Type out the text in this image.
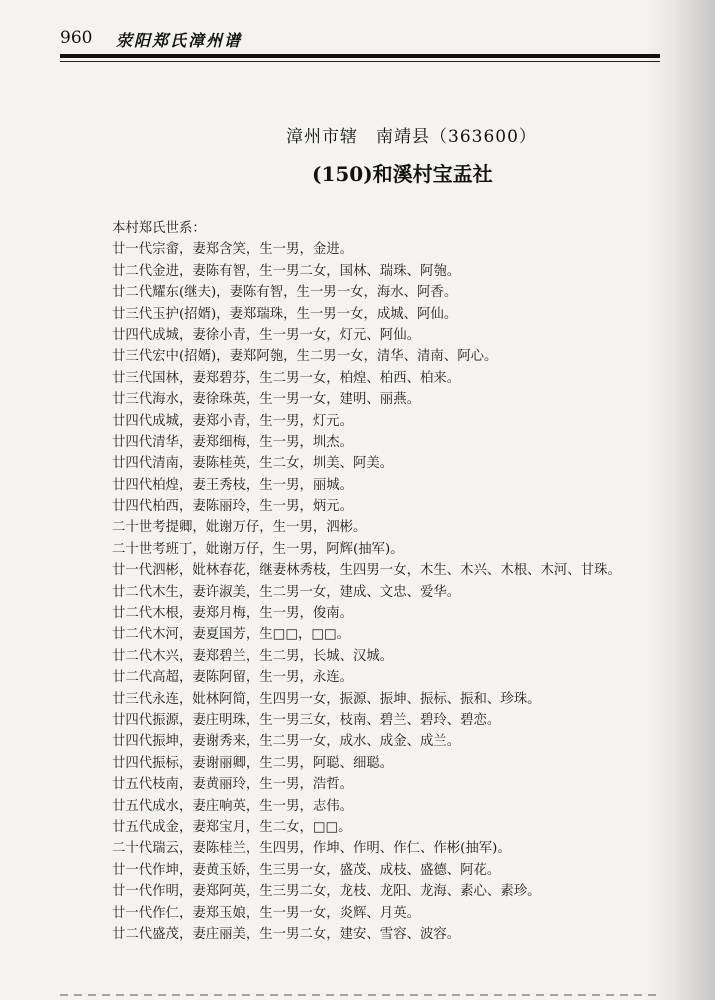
960 荥阳郑氏漳州谱
漳州市辖　南靖县（363600）
(150)和溪村宝盂社
本村郑氏世系：
廿一代宗畲，妻郑含笑，生一男，金进。
廿二代金进，妻陈有智，生一男二女，国林、瑞珠、阿匏。
廿二代耀东(继夫)，妻陈有智，生一男一女，海水、阿香。
廿三代玉护(招婿)，妻郑瑞珠，生一男一女，成城、阿仙。
廿四代成城，妻徐小青，生一男一女，灯元、阿仙。
廿三代宏中(招婿)，妻郑阿匏，生二男一女，清华、清南、阿心。
廿三代国林，妻郑碧芬，生二男一女，柏煌、柏西、柏来。
廿三代海水，妻徐珠英，生一男一女，建明、丽燕。
廿四代成城，妻郑小青，生一男，灯元。
廿四代清华，妻郑细梅，生一男，圳杰。
廿四代清南，妻陈桂英，生二女，圳美、阿美。
廿四代柏煌，妻王秀枝，生一男，丽城。
廿四代柏西，妻陈丽玲，生一男，炳元。
二十世考提卿，妣谢万仔，生一男，泗彬。
二十世考班丁，妣谢万仔，生一男，阿辉(抽军)。
廿一代泗彬，妣林春花，继妻林秀枝，生四男一女，木生、木兴、木根、木河、甘珠。
廿二代木生，妻许淑美，生二男一女，建成、文忠、爱华。
廿二代木根，妻郑月梅，生一男，俊南。
廿二代木河，妻夏国芳，生□□，□□。
廿二代木兴，妻郑碧兰，生二男，长城、汉城。
廿二代高超，妻陈阿留，生一男，永连。
廿三代永连，妣林阿简，生四男一女，振源、振坤、振标、振和、珍珠。
廿四代振源，妻庄明珠，生一男三女，枝南、碧兰、碧玲、碧恋。
廿四代振坤，妻谢秀来，生二男一女，成水、成金、成兰。
廿四代振标，妻谢丽卿，生二男，阿聪、细聪。
廿五代枝南，妻黄丽玲，生一男，浩哲。
廿五代成水，妻庄响英，生一男，志伟。
廿五代成金，妻郑宝月，生二女，□□。
二十代瑞云，妻陈桂兰，生四男，作坤、作明、作仁、作彬(抽军)。
廿一代作坤，妻黄玉娇，生三男一女，盛茂、成枝、盛德、阿花。
廿一代作明，妻郑阿英，生三男二女，龙枝、龙阳、龙海、素心、素珍。
廿一代作仁，妻郑玉娘，生一男一女，炎辉、月英。
廿二代盛茂，妻庄丽美，生一男二女，建安、雪容、波容。
